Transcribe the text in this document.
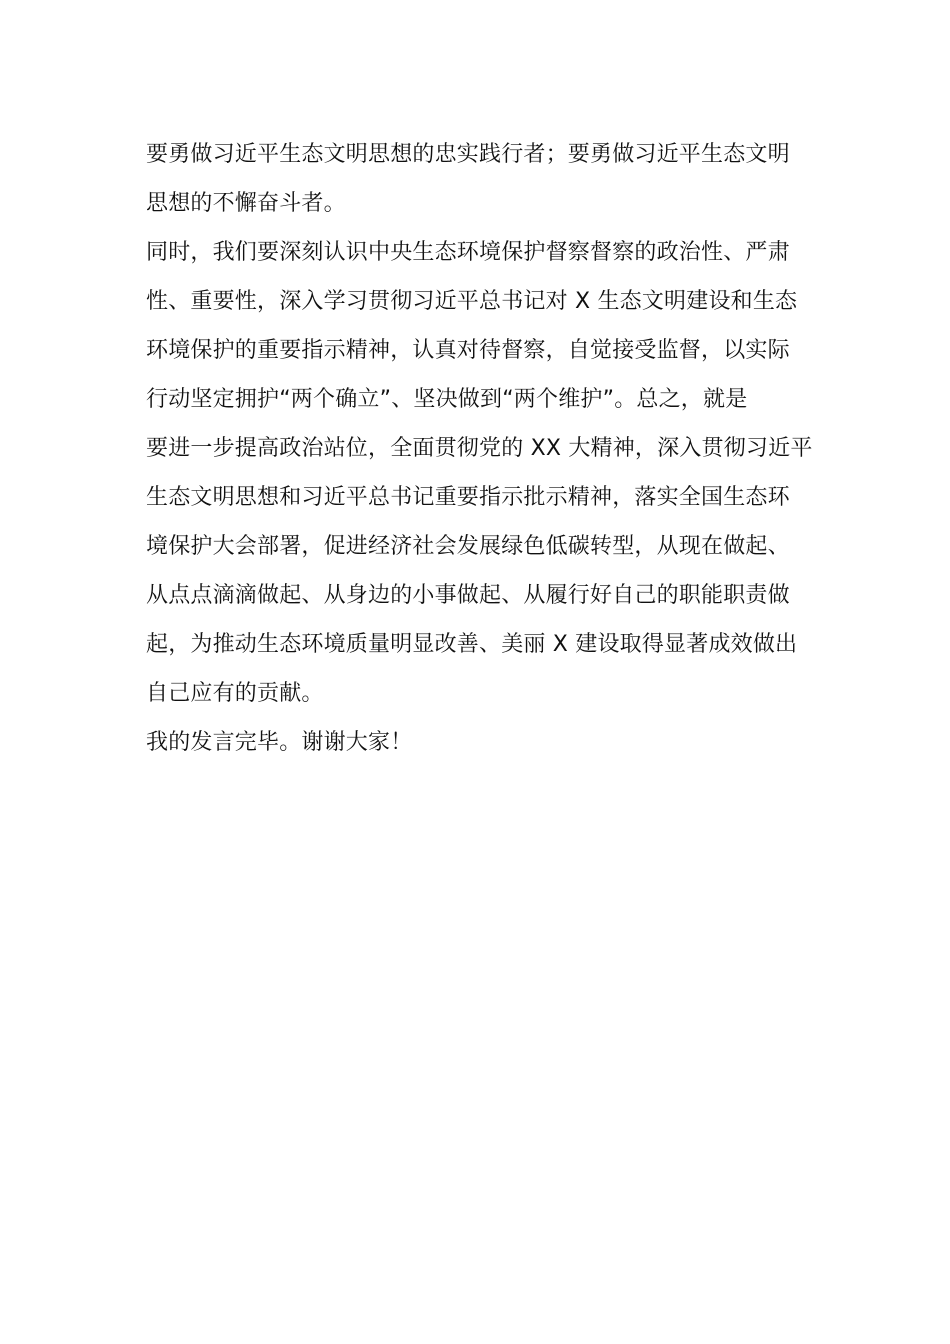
要勇做习近平生态文明思想的忠实践行者；要勇做习近平生态文明
思想的不懈奋斗者。
同时，我们要深刻认识中央生态环境保护督察督察的政治性、严肃
性、重要性，深入学习贯彻习近平总书记对 X 生态文明建设和生态
环境保护的重要指示精神，认真对待督察，自觉接受监督，以实际
行动坚定拥护“两个确立”、坚决做到“两个维护”。总之，就是
要进一步提高政治站位，全面贯彻党的 XX 大精神，深入贯彻习近平
生态文明思想和习近平总书记重要指示批示精神，落实全国生态环
境保护大会部署，促进经济社会发展绿色低碳转型，从现在做起、
从点点滴滴做起、从身边的小事做起、从履行好自己的职能职责做
起，为推动生态环境质量明显改善、美丽 X 建设取得显著成效做出
自己应有的贡献。
我的发言完毕。谢谢大家！
